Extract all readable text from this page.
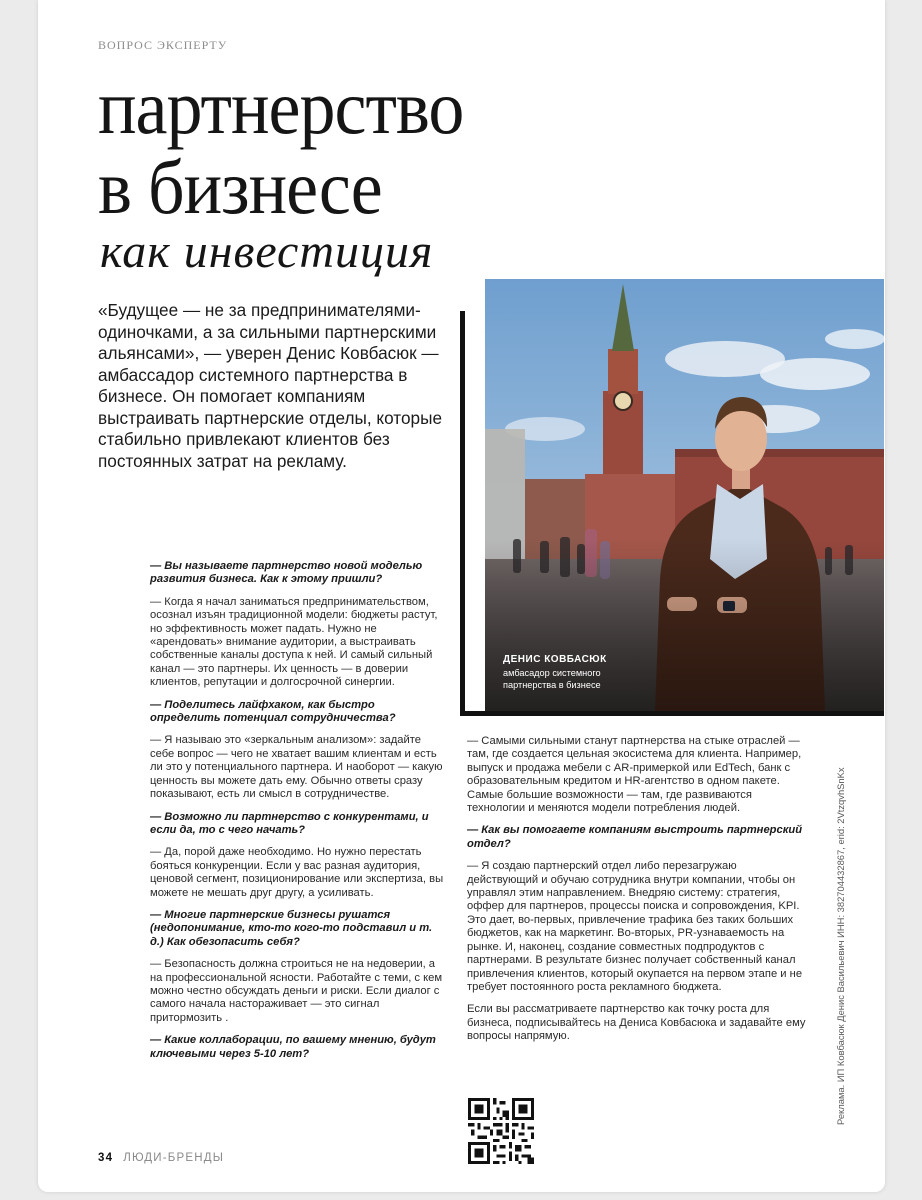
ВОПРОС ЭКСПЕРТУ
партнерство
в бизнесе
как инвестиция
«Будущее — не за предпринимателями-одиночками, а за сильными партнерскими альянсами», — уверен Денис Ковбасюк — амбассадор системного партнерства в бизнесе. Он помогает компаниям выстраивать партнерские отделы, которые стабильно привлекают клиентов без постоянных затрат на рекламу.
ДЕНИС КОВБАСЮК
амбасадор системного партнерства в бизнесе

— Вы называете партнерство новой моделью развития бизнеса. Как к этому пришли?

— Когда я начал заниматься предпринимательством, осознал изъян традиционной модели: бюджеты растут, но эффективность может падать. Нужно не «арендовать» внимание аудитории, а выстраивать собственные каналы доступа к ней. И самый сильный канал — это партнеры. Их ценность — в доверии клиентов, репутации и долгосрочной синергии.

— Поделитесь лайфхаком, как быстро определить потенциал сотрудничества?

— Я называю это «зеркальным анализом»: задайте себе вопрос — чего не хватает вашим клиентам и есть ли это у потенциального партнера. И наоборот — какую ценность вы можете дать ему. Обычно ответы сразу показывают, есть ли смысл в сотрудничестве.

— Возможно ли партнерство с конкурентами, и если да, то с чего начать?

— Да, порой даже необходимо. Но нужно перестать бояться конкуренции. Если у вас разная аудитория, ценовой сегмент, позиционирование или экспертиза, вы можете не мешать друг другу, а усиливать.

— Многие партнерские бизнесы рушатся (недопонимание, кто-то кого-то подставил и т. д.) Как обезопасить себя?

— Безопасность должна строиться не на недоверии, а на профессиональной ясности. Работайте с теми, с кем можно честно обсуждать деньги и риски. Если диалог с самого начала настораживает — это сигнал притормозить .

— Какие коллаборации, по вашему мнению, будут ключевыми через 5-10 лет?

— Самыми сильными станут партнерства на стыке отраслей — там, где создается цельная экосистема для клиента. Например, выпуск и продажа мебели с AR-примеркой или EdTech, банк с образовательным кредитом и HR-агентство в одном пакете. Самые большие возможности — там, где развиваются технологии и меняются модели потребления людей.

— Как вы помогаете компаниям выстроить партнерский отдел?

— Я создаю партнерский отдел либо перезагружаю действующий и обучаю сотрудника внутри компании, чтобы он управлял этим направлением. Внедряю систему: стратегия, оффер для партнеров, процессы поиска и сопровождения, KPI. Это дает, во-первых, привлечение трафика без таких больших бюджетов, как на маркетинг. Во-вторых, PR-узнаваемость на рынке. И, наконец, создание совместных подпродуктов с партнерами. В результате бизнес получает собственный канал привлечения клиентов, который окупается на первом этапе и не требует постоянного роста рекламного бюджета.

Если вы рассматриваете партнерство как точку роста для бизнеса, подписывайтесь на Дениса Ковбасюка и задавайте ему вопросы напрямую.	Реклама. ИП Ковбасюк Денис Васильевич ИНН: 382704432867, erid: 2VtzqvhSnKx
34 ЛЮДИ-БРЕНДЫ
